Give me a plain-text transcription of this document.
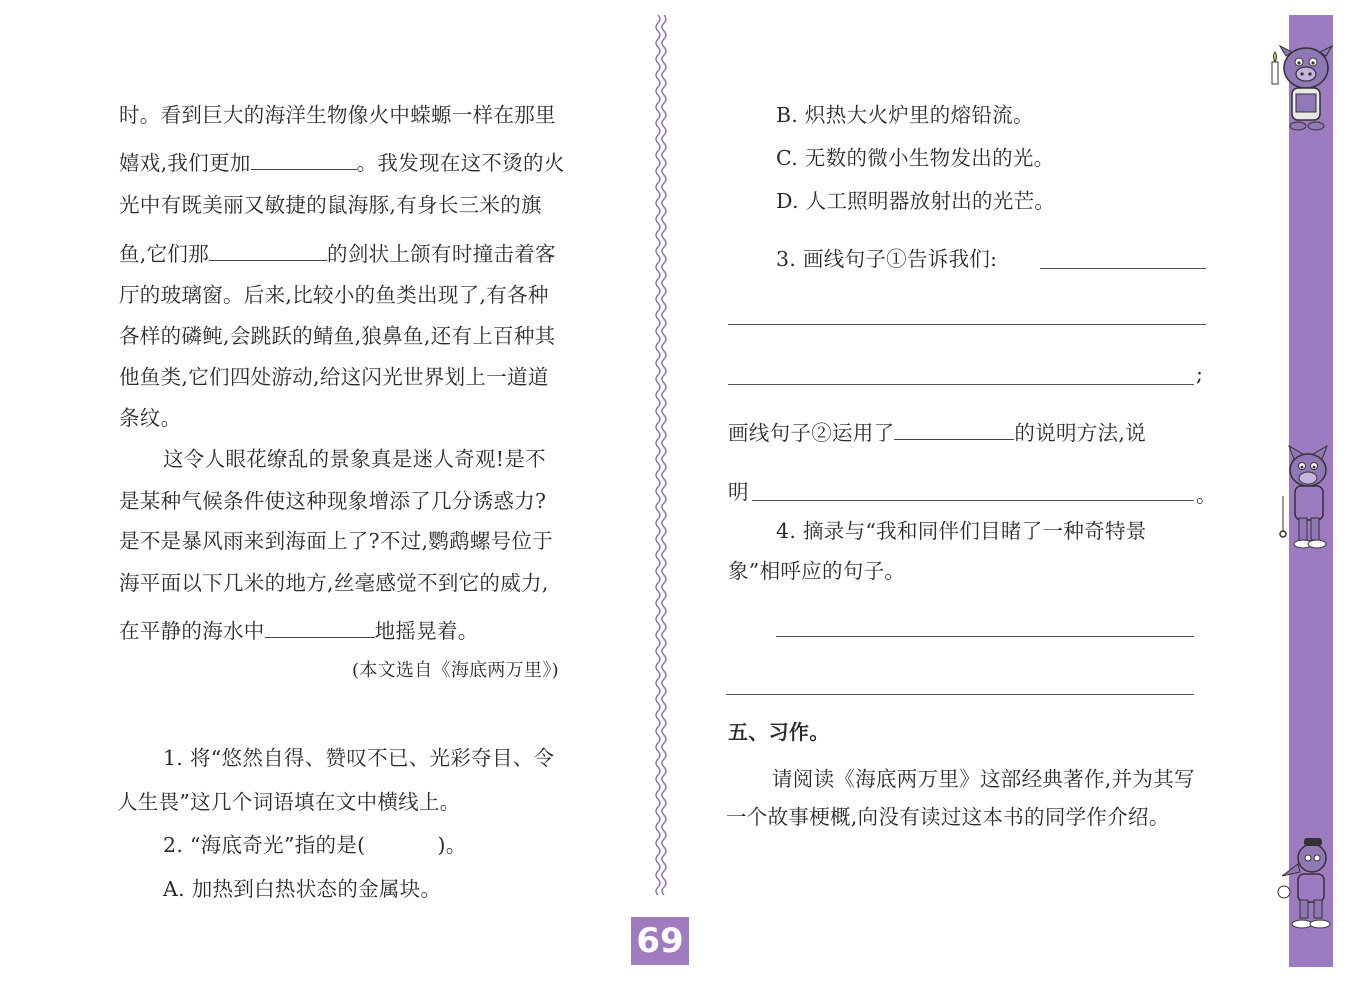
时。看到巨大的海洋生物像火中蝾螈一样在那里
嬉戏,我们更加	。我发现在这不烫的火
光中有既美丽又敏捷的鼠海豚,有身长三米的旗
鱼,它们那	的剑状上颌有时撞击着客
厅的玻璃窗。后来,比较小的鱼类出现了,有各种
各样的磷鲀,会跳跃的鲭鱼,狼鼻鱼,还有上百种其
他鱼类,它们四处游动,给这闪光世界划上一道道
条纹。
这令人眼花缭乱的景象真是迷人奇观!是不
是某种气候条件使这种现象增添了几分诱惑力?
是不是暴风雨来到海面上了?不过,鹦鹉螺号位于
海平面以下几米的地方,丝毫感觉不到它的威力,
在平静的海水中	地摇晃着。
(本文选自《海底两万里》)
1. 将“悠然自得、赞叹不已、光彩夺目、令
人生畏”这几个词语填在文中横线上。
2. “海底奇光”指的是(	)。
A. 加热到白热状态的金属块。
69
B. 炽热大火炉里的熔铅流。
C. 无数的微小生物发出的光。
D. 人工照明器放射出的光芒。
3. 画线句子①告诉我们:
;
画线句子②运用了	的说明方法,说
明	。
4. 摘录与“我和同伴们目睹了一种奇特景
象”相呼应的句子。
五、习作。
请阅读《海底两万里》这部经典著作,并为其写
一个故事梗概,向没有读过这本书的同学作介绍。
